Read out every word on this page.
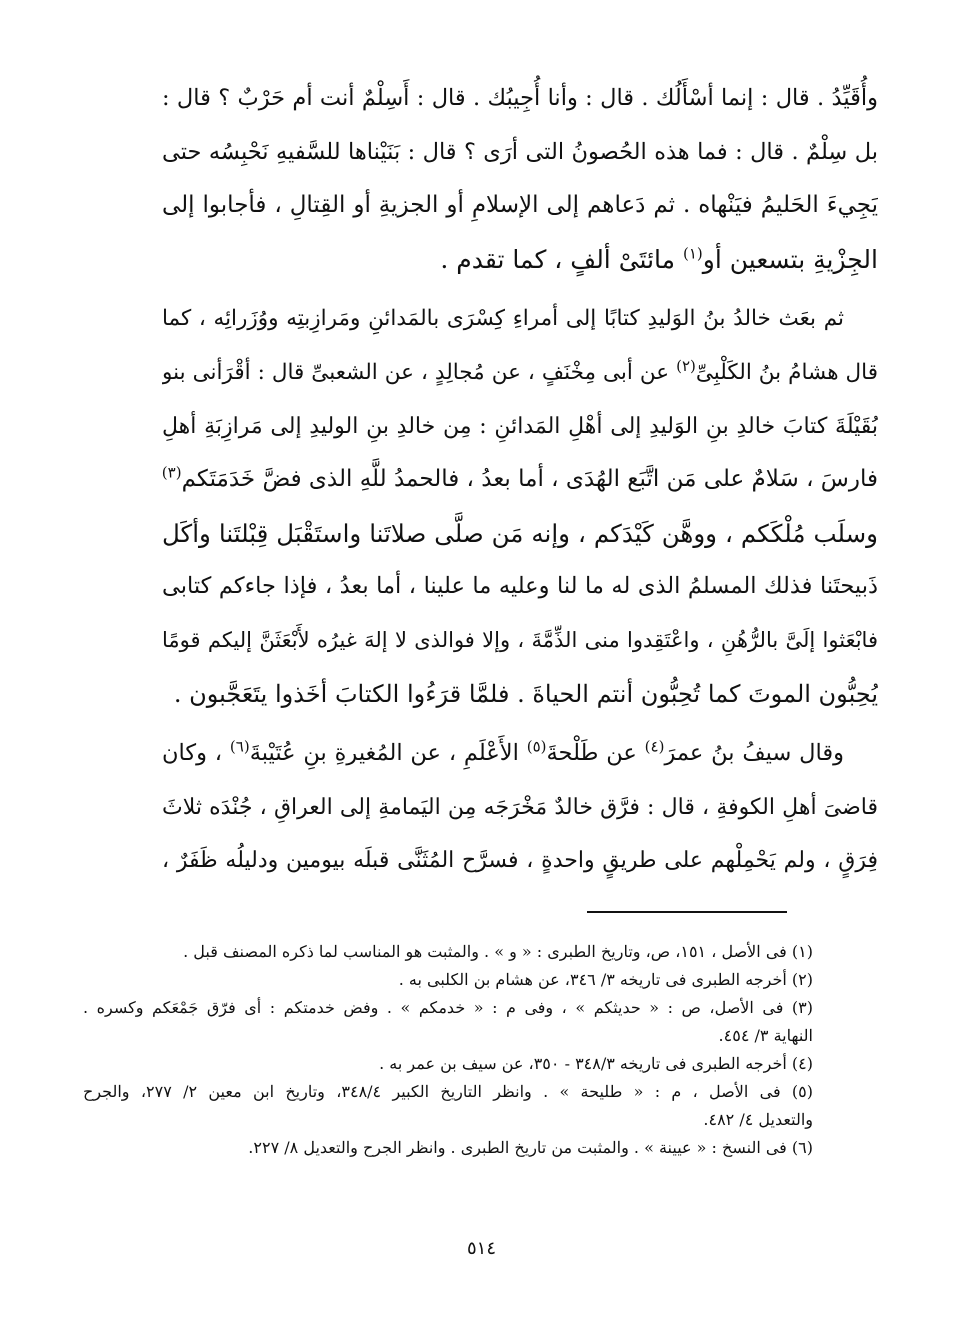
وأُقَيِّدُ . قال : إنما أسْأَلُك . قال : وأنا أُجِيبُك . قال : أَسِلْمٌ أنت أم حَرْبٌ ؟ قال :
بل سِلْمٌ . قال : فما هذه الحُصونُ التى أرَى ؟ قال : بَنَيْناها للسَّفيهِ نَحْبِسُه حتى
يَجِيءَ الحَليمُ فيَنْهاه . ثم دَعاهم إلى الإسلامِ أو الجزيةِ أو القِتالِ ، فأجابوا إلى
الجِزْيةِ بتسعين أو$^{(١)}$ مائتَىْ ألفٍ ، كما تقدم .
ثم بعَث خالدُ بنُ الوَليدِ كتابًا إلى أمراءِ كِسْرَى بالمَدائنِ ومَرازِبتِه ووُزَرائِه ، كما
قال هشامُ بنُ الكَلْبِىِّ$^{(٢)}$ عن أبى مِخْنَفٍ ، عن مُجالِدٍ ، عن الشعبىِّ قال : أقْرَأنى بنو
بُقَيْلَةَ كتابَ خالدِ بنِ الوَليدِ إلى أهْلِ المَدائنِ : مِن خالدِ بنِ الوليدِ إلى مَرازِبَةِ أهلِ
فارسَ ، سَلامٌ على مَن اتَّبَع الهُدَى ، أما بعدُ ، فالحمدُ للَّهِ الذى فضَّ خَدَمَتَكم$^{(٣)}$
وسلَب مُلْكَكم ، ووهَّن كَيْدَكم ، وإنه مَن صلَّى صلاتَنا واستَقْبَل قِبْلتَنا وأكَل
ذَبيحتَنا فذلك المسلمُ الذى له ما لنا وعليه ما علينا ، أما بعدُ ، فإذا جاءكم كتابى
فابْعَثوا إلَىَّ بالرُّهُنِ ، واعْتَقِدوا منى الذِّمَّةَ ، وإلا فوالذى لا إلهَ غيرُه لأَبْعَثَنَّ إليكم قومًا
يُحِبُّون الموتَ كما تُحِبُّون أنتم الحياةَ . فلمَّا قرَءُوا الكتابَ أخَذوا يتَعَجَّبون .
وقال سيفُ بنُ عمرَ$^{(٤)}$ عن طَلْحةَ$^{(٥)}$ الأَعْلَمِ ، عن المُغيرةِ بنِ عُتَيْبةَ$^{(٦)}$ ، وكان
قاضىَ أهلِ الكوفةِ ، قال : فرَّق خالدٌ مَخْرَجَه مِن اليَمامةِ إلى العراقِ ، جُنْدَه ثلاثَ
فِرَقٍ ، ولم يَحْمِلْهم على طريقٍ واحدةٍ ، فسرَّح المُثَنَّى قبلَه بيومين ودليلُه ظَفَرٌ ،
(١) فى الأصل ، ١٥١، ص، وتاريخ الطبرى : « و » . والمثبت هو المناسب لما ذكره المصنف قبل .
(٢) أخرجه الطبرى فى تاريخه ٣/ ٣٤٦، عن هشام بن الكلبى به .
(٣) فى الأصل، ص : « حديثكم » ، وفى م : « خدمكم » . وفض خدمتكم : أى فرّق جَمْعَكم وكسره .
النهاية ٣/ ٤٥٤.
(٤) أخرجه الطبرى فى تاريخه ٣٤٨/٣ - ٣٥٠، عن سيف بن عمر به .
(٥) فى الأصل ، م : « طليحة » . وانظر التاريخ الكبير ٣٤٨/٤، وتاريخ ابن معين ٢/ ٢٧٧، والجرح
والتعديل ٤/ ٤٨٢.
(٦) فى النسخ : « عيينة » . والمثبت من تاريخ الطبرى . وانظر الجرح والتعديل ٨/ ٢٢٧.
٥١٤
